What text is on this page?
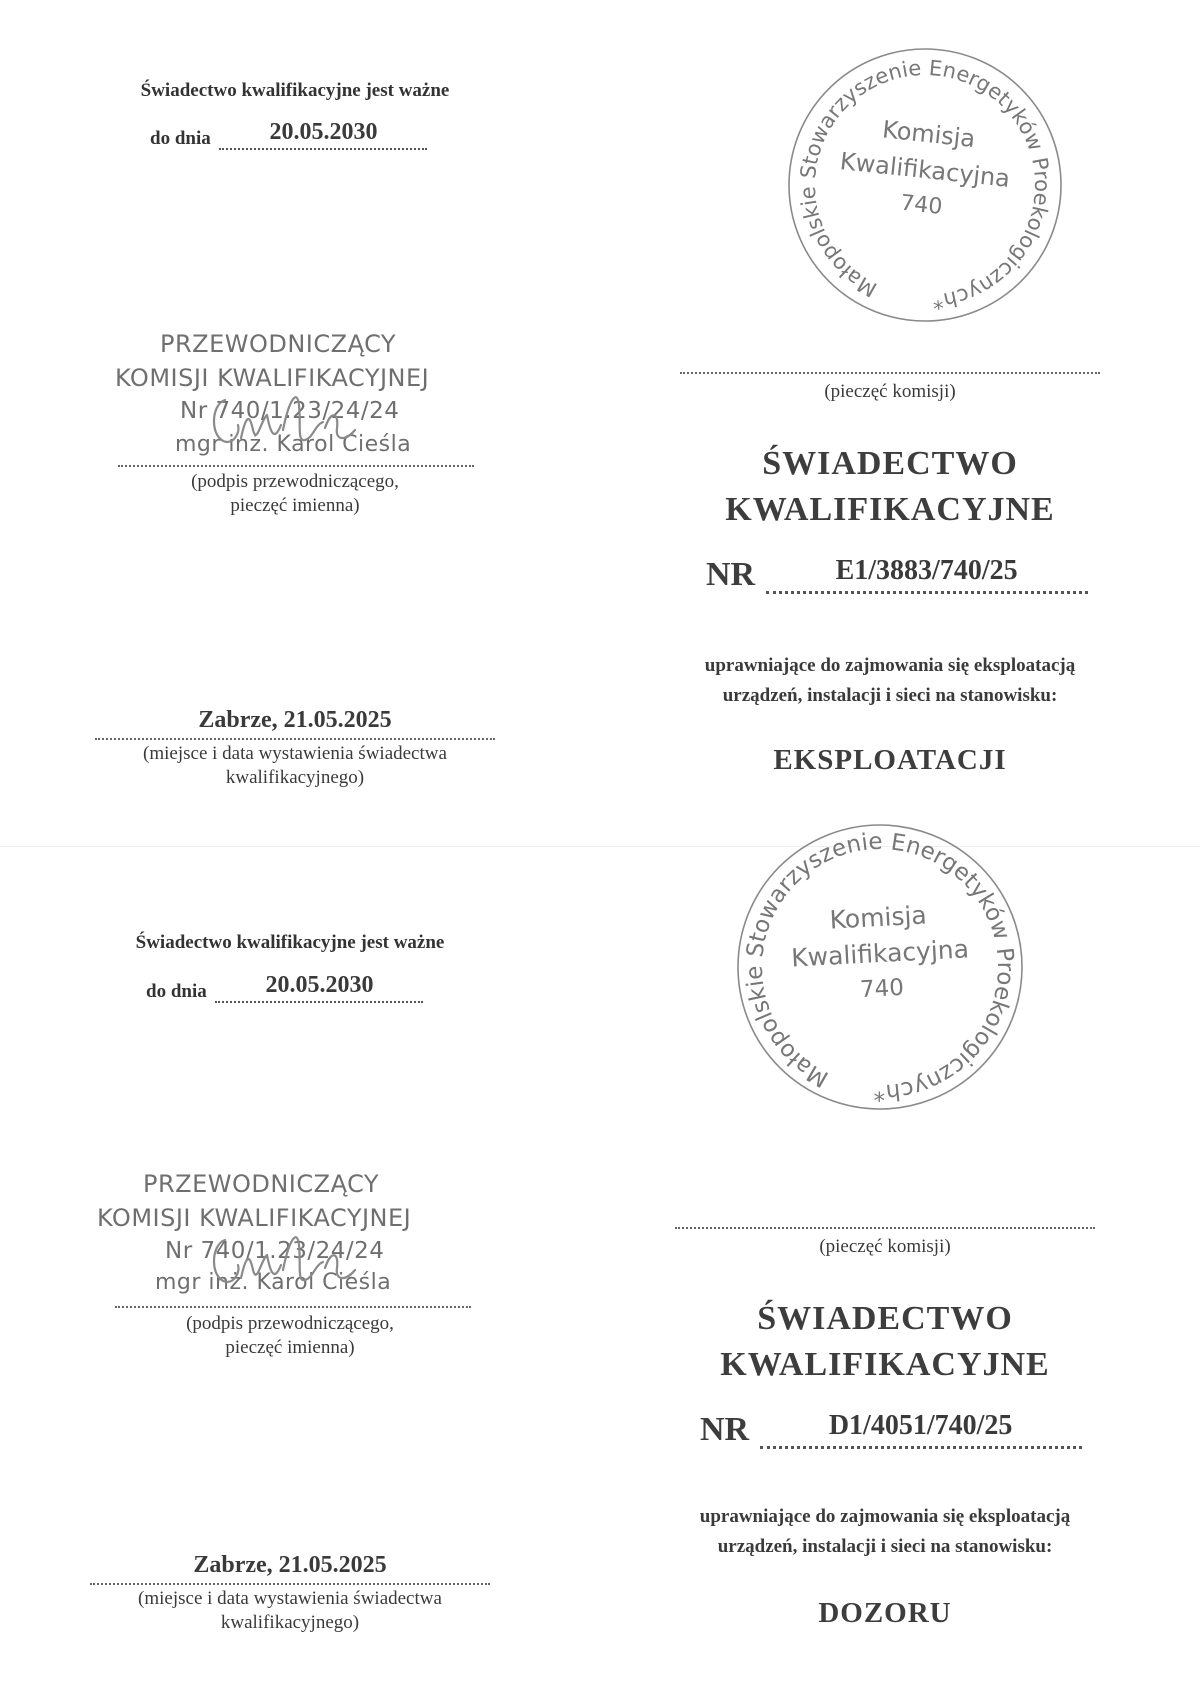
Świadectwo kwalifikacyjne jest ważne
do dnia	20.05.2030
PRZEWODNICZĄCY
KOMISJI KWALIFIKACYJNEJ
Nr 740/1.23/24/24
mgr inż. Karol Cieśla
(podpis przewodniczącego,
pieczęć imienna)
Zabrze, 21.05.2025
(miejsce i data wystawienia świadectwa
kwalifikacyjnego)
Małopolskie Stowarzyszenie Energetyków Proekologicznych*
Komisja
Kwalifikacyjna
740
(pieczęć komisji)
ŚWIADECTWO
KWALIFIKACYJNE
NR	E1/3883/740/25
uprawniające do zajmowania się eksploatacją
urządzeń, instalacji i sieci na stanowisku:
EKSPLOATACJI
Świadectwo kwalifikacyjne jest ważne
do dnia	20.05.2030
PRZEWODNICZĄCY
KOMISJI KWALIFIKACYJNEJ
Nr 740/1.23/24/24
mgr inż. Karol Cieśla
(podpis przewodniczącego,
pieczęć imienna)
Zabrze, 21.05.2025
(miejsce i data wystawienia świadectwa
kwalifikacyjnego)
Małopolskie Stowarzyszenie Energetyków Proekologicznych*
Komisja
Kwalifikacyjna
740
(pieczęć komisji)
ŚWIADECTWO
KWALIFIKACYJNE
NR	D1/4051/740/25
uprawniające do zajmowania się eksploatacją
urządzeń, instalacji i sieci na stanowisku:
DOZORU
